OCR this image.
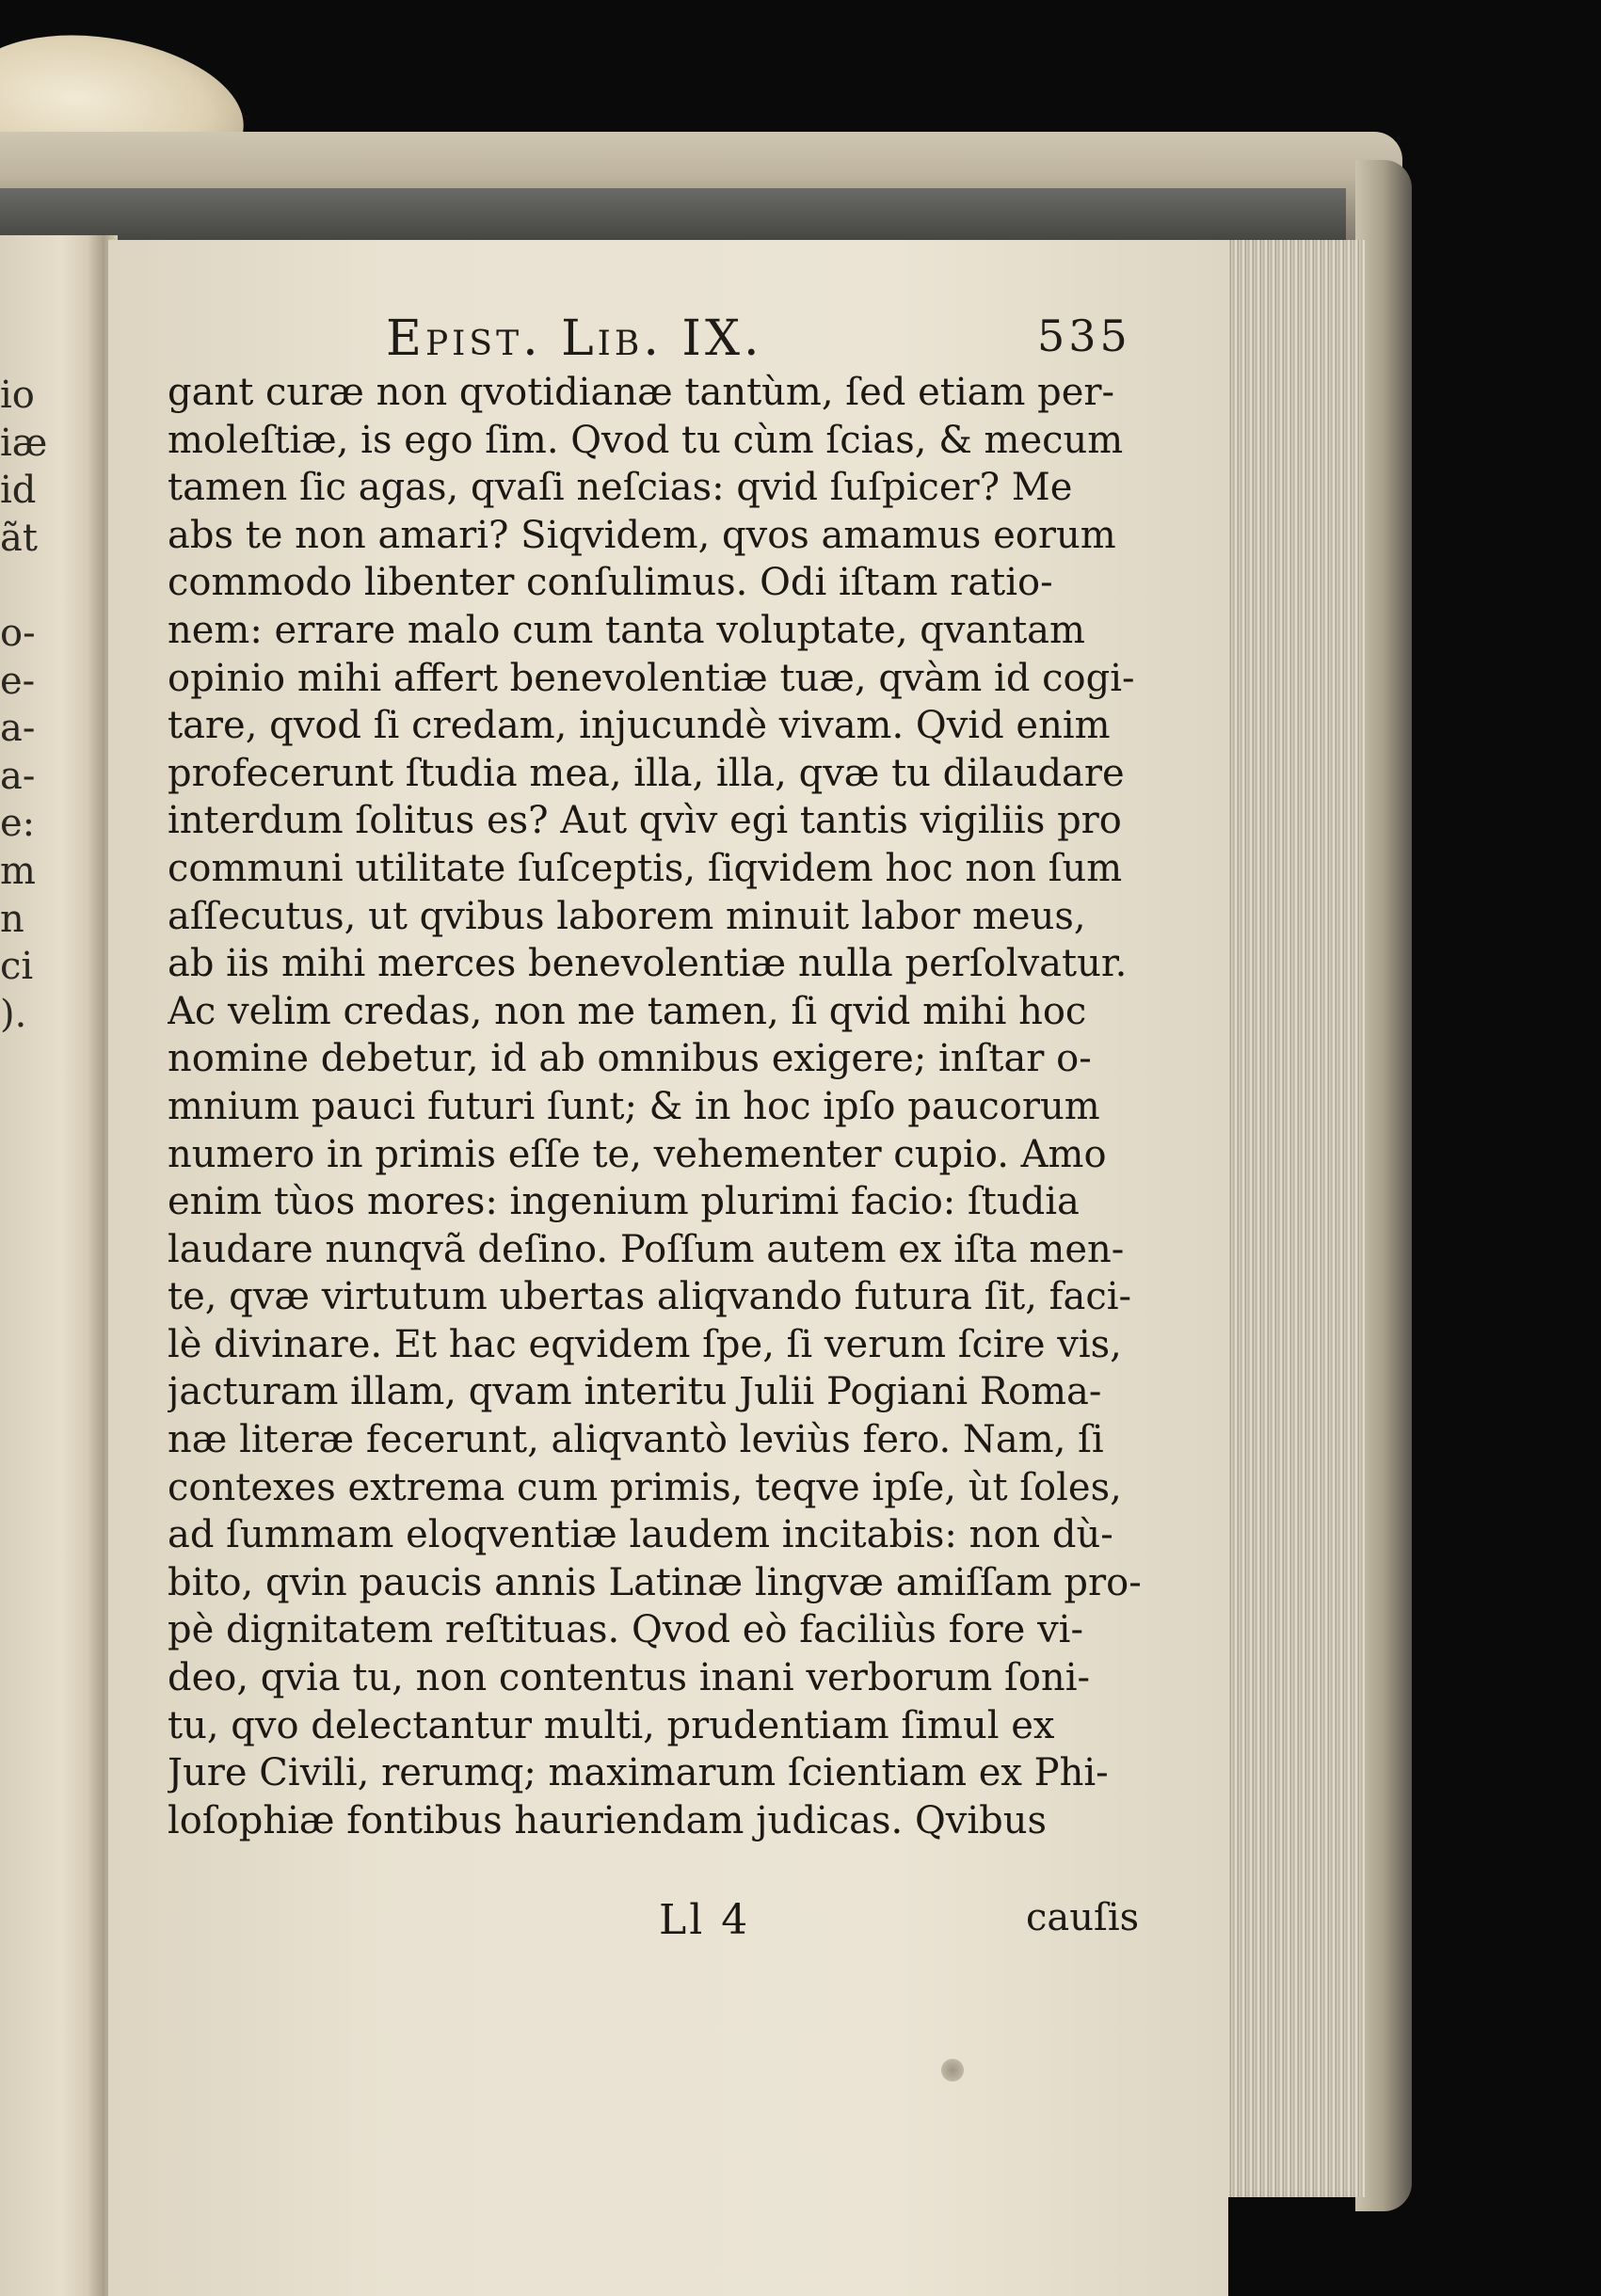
io
iæ
id
ãt
o-
e-
a-
a-
e:
m
n
ci
).
Epist. Lib. IX.	535
gant curæ non qvotidianæ tantùm, ſed etiam per-
moleſtiæ, is ego ſim. Qvod tu cùm ſcias, & mecum
tamen ſic agas, qvaſi neſcias: qvid ſuſpicer? Me
abs te non amari? Siqvidem, qvos amamus eorum
commodo libenter conſulimus. Odi iſtam ratio-
nem: errare malo cum tanta voluptate, qvantam
opinio mihi affert benevolentiæ tuæ, qvàm id cogi-
tare, qvod ſi credam, injucundè vivam. Qvid enim
profecerunt ſtudia mea, illa, illa, qvæ tu dilaudare
interdum ſolitus es? Aut qvìv egi tantis vigiliis pro
communi utilitate ſuſceptis, ſiqvidem hoc non ſum
aſſecutus, ut qvibus laborem minuit labor meus,
ab iis mihi merces benevolentiæ nulla perſolvatur.
Ac velim credas, non me tamen, ſi qvid mihi hoc
nomine debetur, id ab omnibus exigere; inſtar o-
mnium pauci futuri ſunt; & in hoc ipſo paucorum
numero in primis eſſe te, vehementer cupio. Amo
enim tùos mores: ingenium plurimi facio: ſtudia
laudare nunqvã deſino. Poſſum autem ex iſta men-
te, qvæ virtutum ubertas aliqvando futura ſit, faci-
lè divinare. Et hac eqvidem ſpe, ſi verum ſcire vis,
jacturam illam, qvam interitu Julii Pogiani Roma-
næ literæ fecerunt, aliqvantò leviùs fero. Nam, ſi
contexes extrema cum primis, teqve ipſe, ùt ſoles,
ad ſummam eloqventiæ laudem incitabis: non dù-
bito, qvin paucis annis Latinæ lingvæ amiſſam pro-
pè dignitatem reſtituas. Qvod eò faciliùs fore vi-
deo, qvia tu, non contentus inani verborum ſoni-
tu, qvo delectantur multi, prudentiam ſimul ex
Jure Civili, rerumq; maximarum ſcientiam ex Phi-
loſophiæ fontibus hauriendam judicas. Qvibus
Ll 4	cauſis
